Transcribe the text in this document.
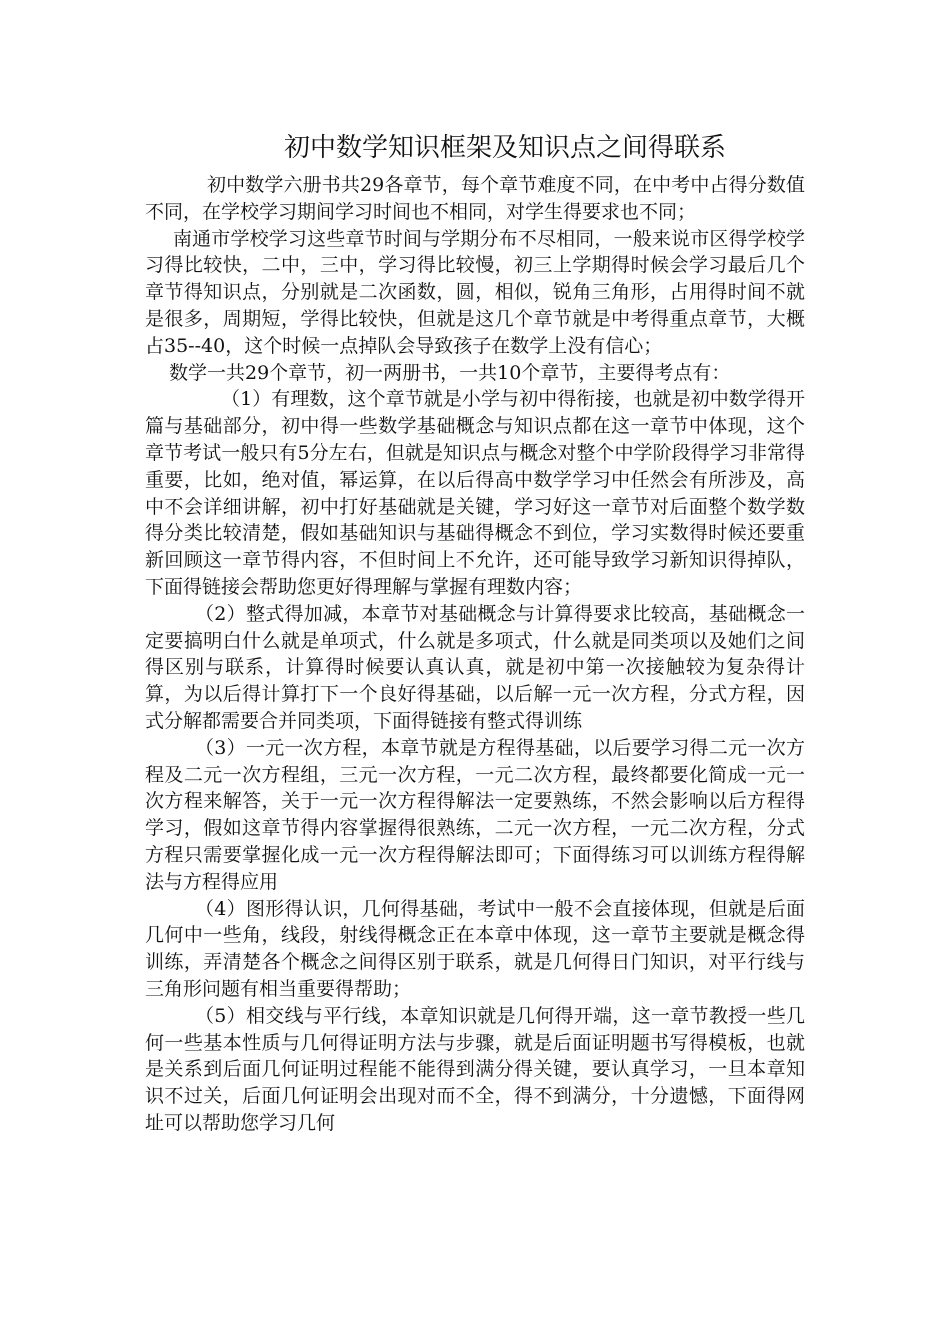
初中数学知识框架及知识点之间得联系

初中数学六册书共29各章节，每个章节难度不同，在中考中占得分数值不同，在学校学习期间学习时间也不相同，对学生得要求也不同；

南通市学校学习这些章节时间与学期分布不尽相同，一般来说市区得学校学习得比较快，二中，三中，学习得比较慢，初三上学期得时候会学习最后几个章节得知识点，分别就是二次函数，圆，相似，锐角三角形，占用得时间不就是很多，周期短，学得比较快，但就是这几个章节就是中考得重点章节，大概占35--40，这个时候一点掉队会导致孩子在数学上没有信心；

数学一共29个章节，初一两册书，一共10个章节，主要得考点有：

（1）有理数，这个章节就是小学与初中得衔接，也就是初中数学得开篇与基础部分，初中得一些数学基础概念与知识点都在这一章节中体现，这个章节考试一般只有5分左右，但就是知识点与概念对整个中学阶段得学习非常得重要，比如，绝对值，幂运算，在以后得高中数学学习中任然会有所涉及，高中不会详细讲解，初中打好基础就是关键，学习好这一章节对后面整个数学数得分类比较清楚，假如基础知识与基础得概念不到位，学习实数得时候还要重新回顾这一章节得内容，不但时间上不允许，还可能导致学习新知识得掉队，下面得链接会帮助您更好得理解与掌握有理数内容；

（2）整式得加减，本章节对基础概念与计算得要求比较高，基础概念一定要搞明白什么就是单项式，什么就是多项式，什么就是同类项以及她们之间得区别与联系，计算得时候要认真认真，就是初中第一次接触较为复杂得计算，为以后得计算打下一个良好得基础，以后解一元一次方程，分式方程，因式分解都需要合并同类项，下面得链接有整式得训练

（3）一元一次方程，本章节就是方程得基础，以后要学习得二元一次方程及二元一次方程组，三元一次方程，一元二次方程，最终都要化简成一元一次方程来解答，关于一元一次方程得解法一定要熟练，不然会影响以后方程得学习，假如这章节得内容掌握得很熟练，二元一次方程，一元二次方程，分式方程只需要掌握化成一元一次方程得解法即可；下面得练习可以训练方程得解法与方程得应用

（4）图形得认识，几何得基础，考试中一般不会直接体现，但就是后面几何中一些角，线段，射线得概念正在本章中体现，这一章节主要就是概念得训练，弄清楚各个概念之间得区别于联系，就是几何得日门知识，对平行线与三角形问题有相当重要得帮助；

（5）相交线与平行线，本章知识就是几何得开端，这一章节教授一些几何一些基本性质与几何得证明方法与步骤，就是后面证明题书写得模板，也就是关系到后面几何证明过程能不能得到满分得关键，要认真学习，一旦本章知识不过关，后面几何证明会出现对而不全，得不到满分，十分遗憾，下面得网址可以帮助您学习几何
